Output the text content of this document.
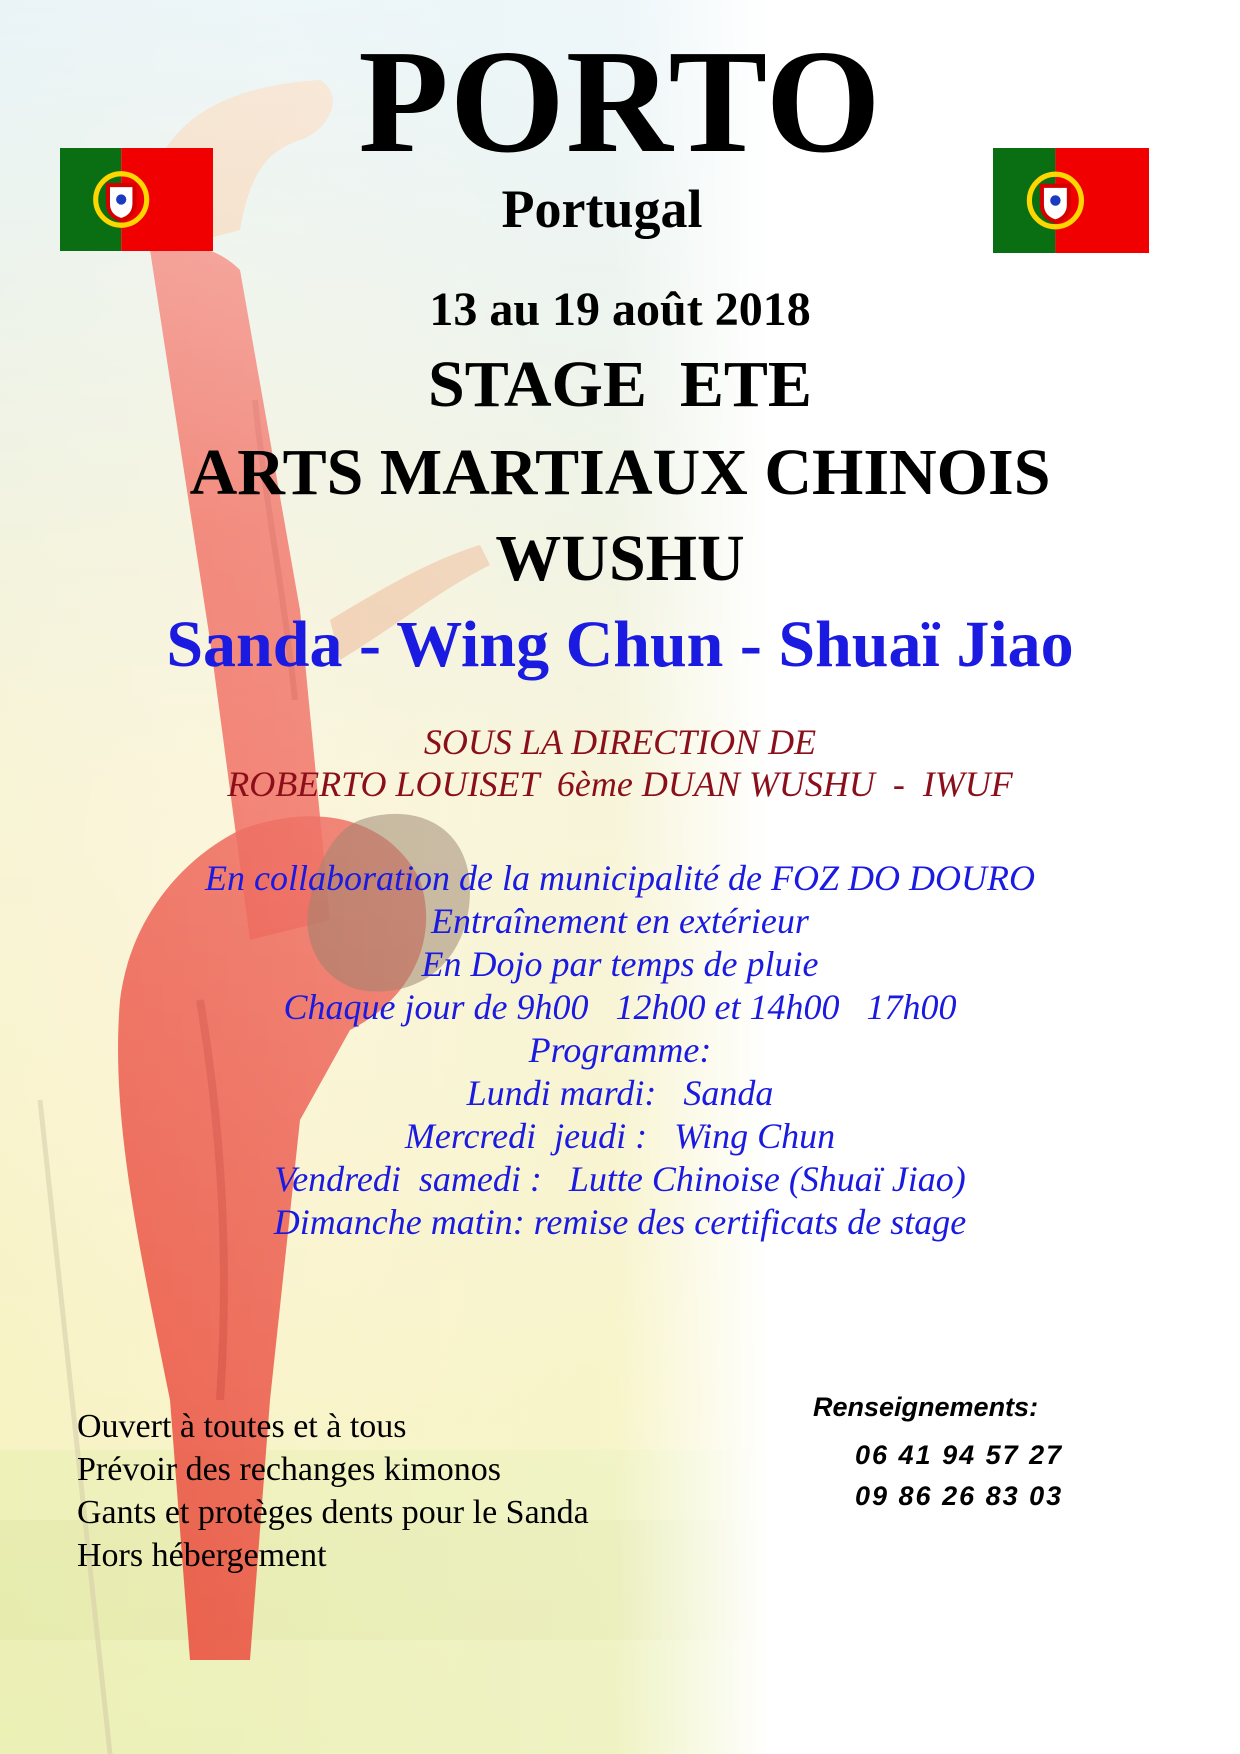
PORTO
Portugal
13 au 19 août 2018
STAGE  ETE
ARTS MARTIAUX CHINOIS
WUSHU
Sanda - Wing Chun - Shuaï Jiao
SOUS LA DIRECTION DE
ROBERTO LOUISET  6ème DUAN WUSHU  -  IWUF
En collaboration de la municipalité de FOZ DO DOURO
Entraînement en extérieur
En Dojo par temps de pluie
Chaque jour de 9h00   12h00 et 14h00   17h00
Programme:
Lundi mardi:   Sanda
Mercredi  jeudi :   Wing Chun
Vendredi  samedi :   Lutte Chinoise (Shuaï Jiao)
Dimanche matin: remise des certificats de stage
Ouvert à toutes et à tous
Prévoir des rechanges kimonos
Gants et protèges dents pour le Sanda
Hors hébergement
Renseignements:
06 41 94 57 27
09 86 26 83 03
